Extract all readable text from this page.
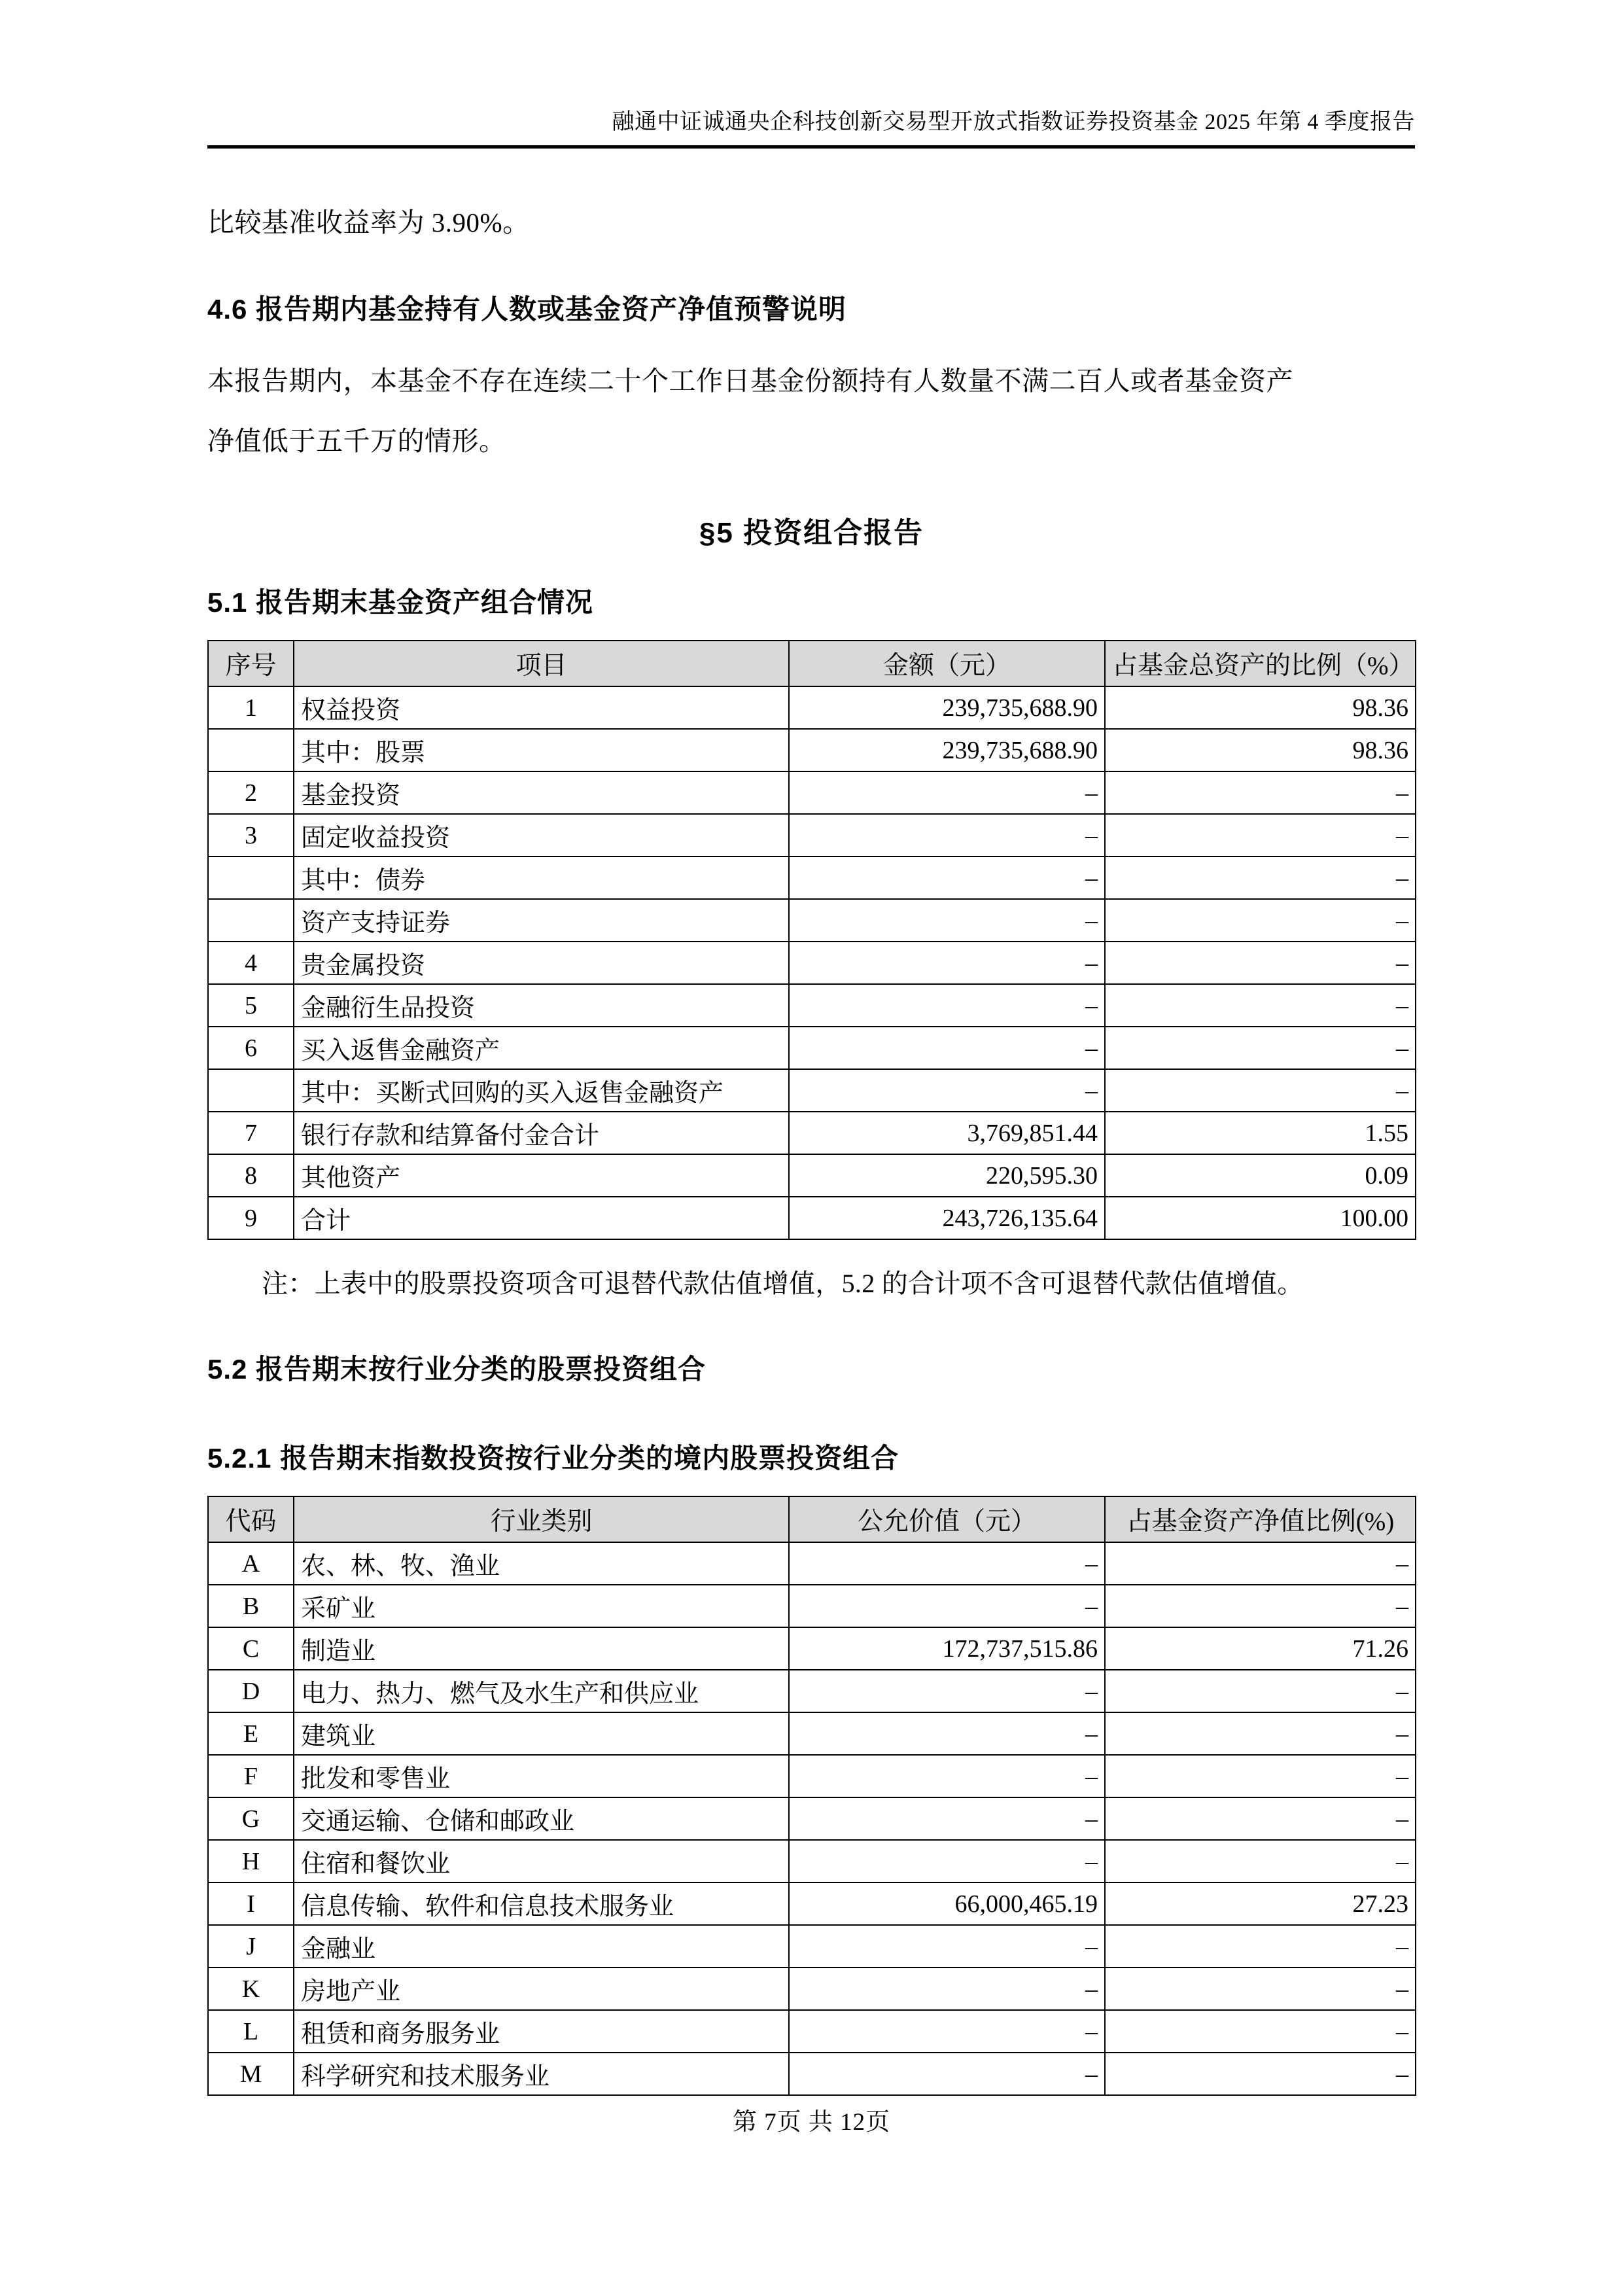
融通中证诚通央企科技创新交易型开放式指数证券投资基金 2025 年第 4 季度报告
比较基准收益率为 3.90%。
4.6 报告期内基金持有人数或基金资产净值预警说明
本报告期内，本基金不存在连续二十个工作日基金份额持有人数量不满二百人或者基金资产
净值低于五千万的情形。
§5 投资组合报告
5.1 报告期末基金资产组合情况
序号	项目	金额（元）	占基金总资产的比例（%）
1	权益投资	239,735,688.90	98.36
	其中：股票	239,735,688.90	98.36
2	基金投资	–	–
3	固定收益投资	–	–
	其中：债券	–	–
	资产支持证券	–	–
4	贵金属投资	–	–
5	金融衍生品投资	–	–
6	买入返售金融资产	–	–
	其中：买断式回购的买入返售金融资产	–	–
7	银行存款和结算备付金合计	3,769,851.44	1.55
8	其他资产	220,595.30	0.09
9	合计	243,726,135.64	100.00
注：上表中的股票投资项含可退替代款估值增值，5.2 的合计项不含可退替代款估值增值。
5.2 报告期末按行业分类的股票投资组合
5.2.1 报告期末指数投资按行业分类的境内股票投资组合
代码	行业类别	公允价值（元）	占基金资产净值比例(%)
A	农、林、牧、渔业	–	–
B	采矿业	–	–
C	制造业	172,737,515.86	71.26
D	电力、热力、燃气及水生产和供应业	–	–
E	建筑业	–	–
F	批发和零售业	–	–
G	交通运输、仓储和邮政业	–	–
H	住宿和餐饮业	–	–
I	信息传输、软件和信息技术服务业	66,000,465.19	27.23
J	金融业	–	–
K	房地产业	–	–
L	租赁和商务服务业	–	–
M	科学研究和技术服务业	–	–
第 7页 共 12页
